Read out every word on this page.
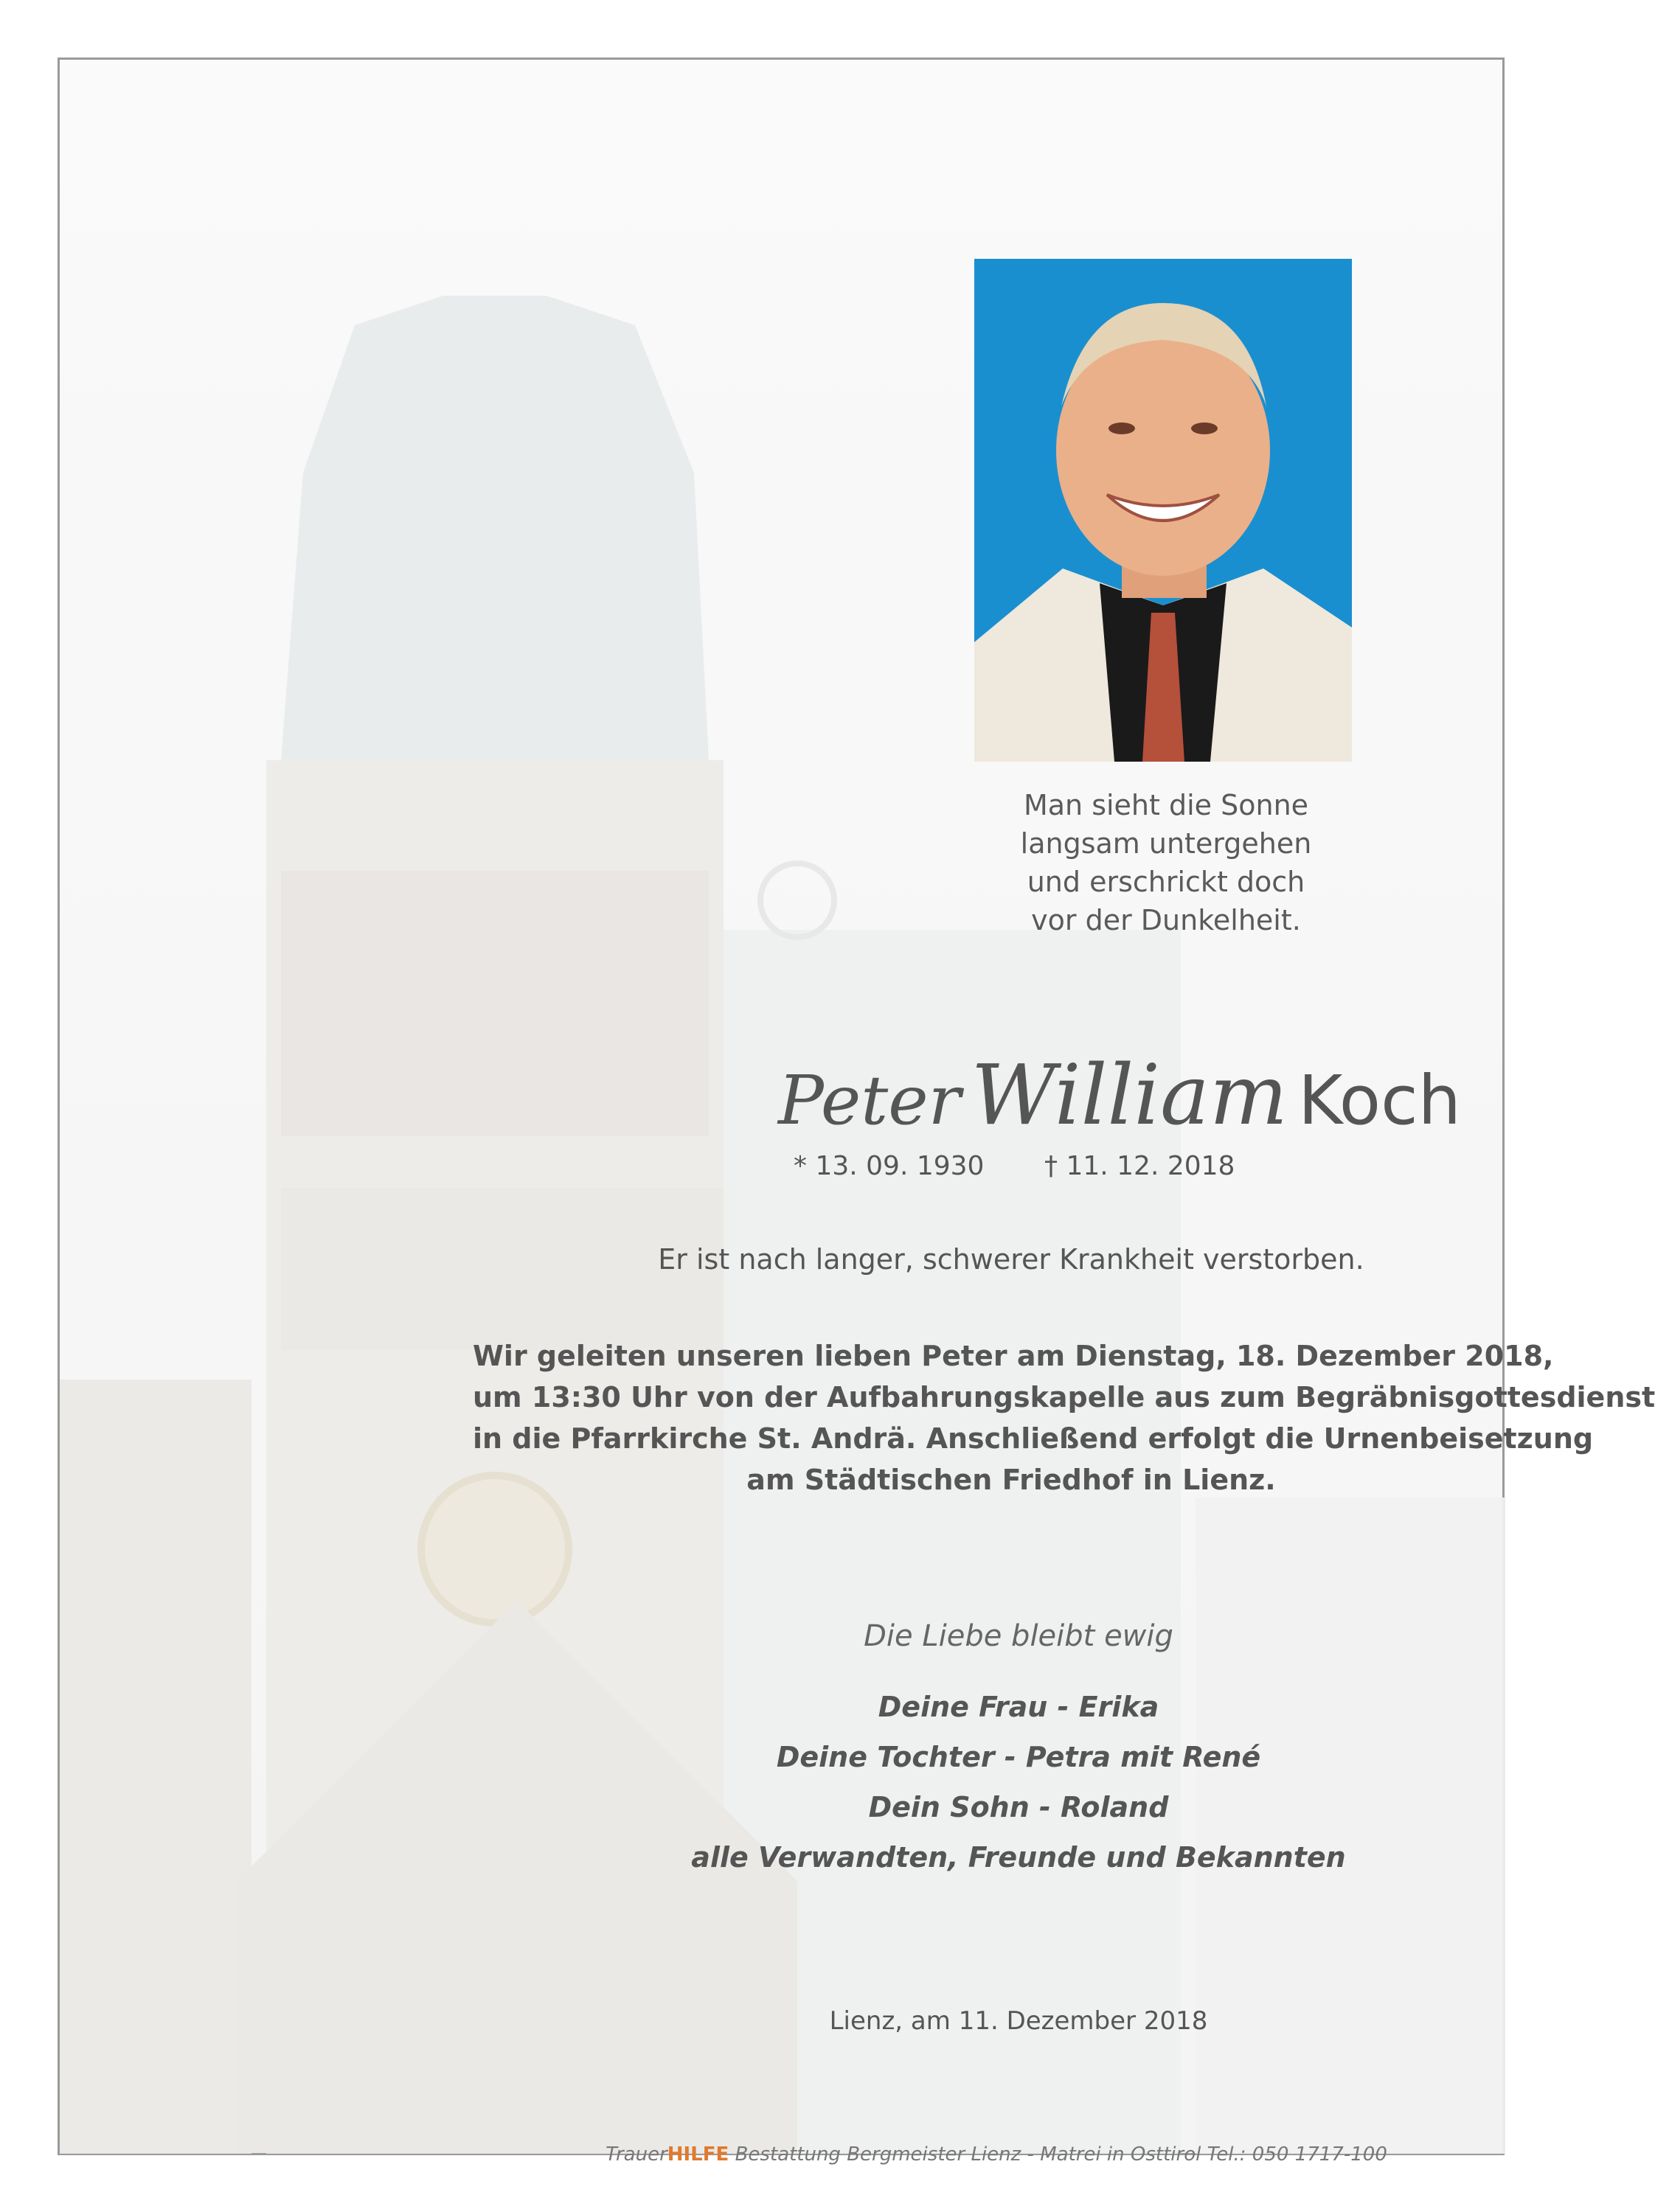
Man sieht die Sonne
langsam untergehen
und erschrickt doch
vor der Dunkelheit.
Peter William Koch
* 13. 09. 1930 † 11. 12. 2018
Er ist nach langer, schwerer Krankheit verstorben.
Wir geleiten unseren lieben Peter am Dienstag, 18. Dezember 2018,
um 13:30 Uhr von der Aufbahrungskapelle aus zum Begräbnisgottesdienst
in die Pfarrkirche St. Andrä. Anschließend erfolgt die Urnenbeisetzung
am Städtischen Friedhof in Lienz.
Die Liebe bleibt ewig
Deine Frau - Erika
Deine Tochter - Petra mit René
Dein Sohn - Roland
alle Verwandten, Freunde und Bekannten
Lienz, am 11. Dezember 2018
TrauerHILFE Bestattung Bergmeister Lienz - Matrei in Osttirol Tel.: 050 1717-100
